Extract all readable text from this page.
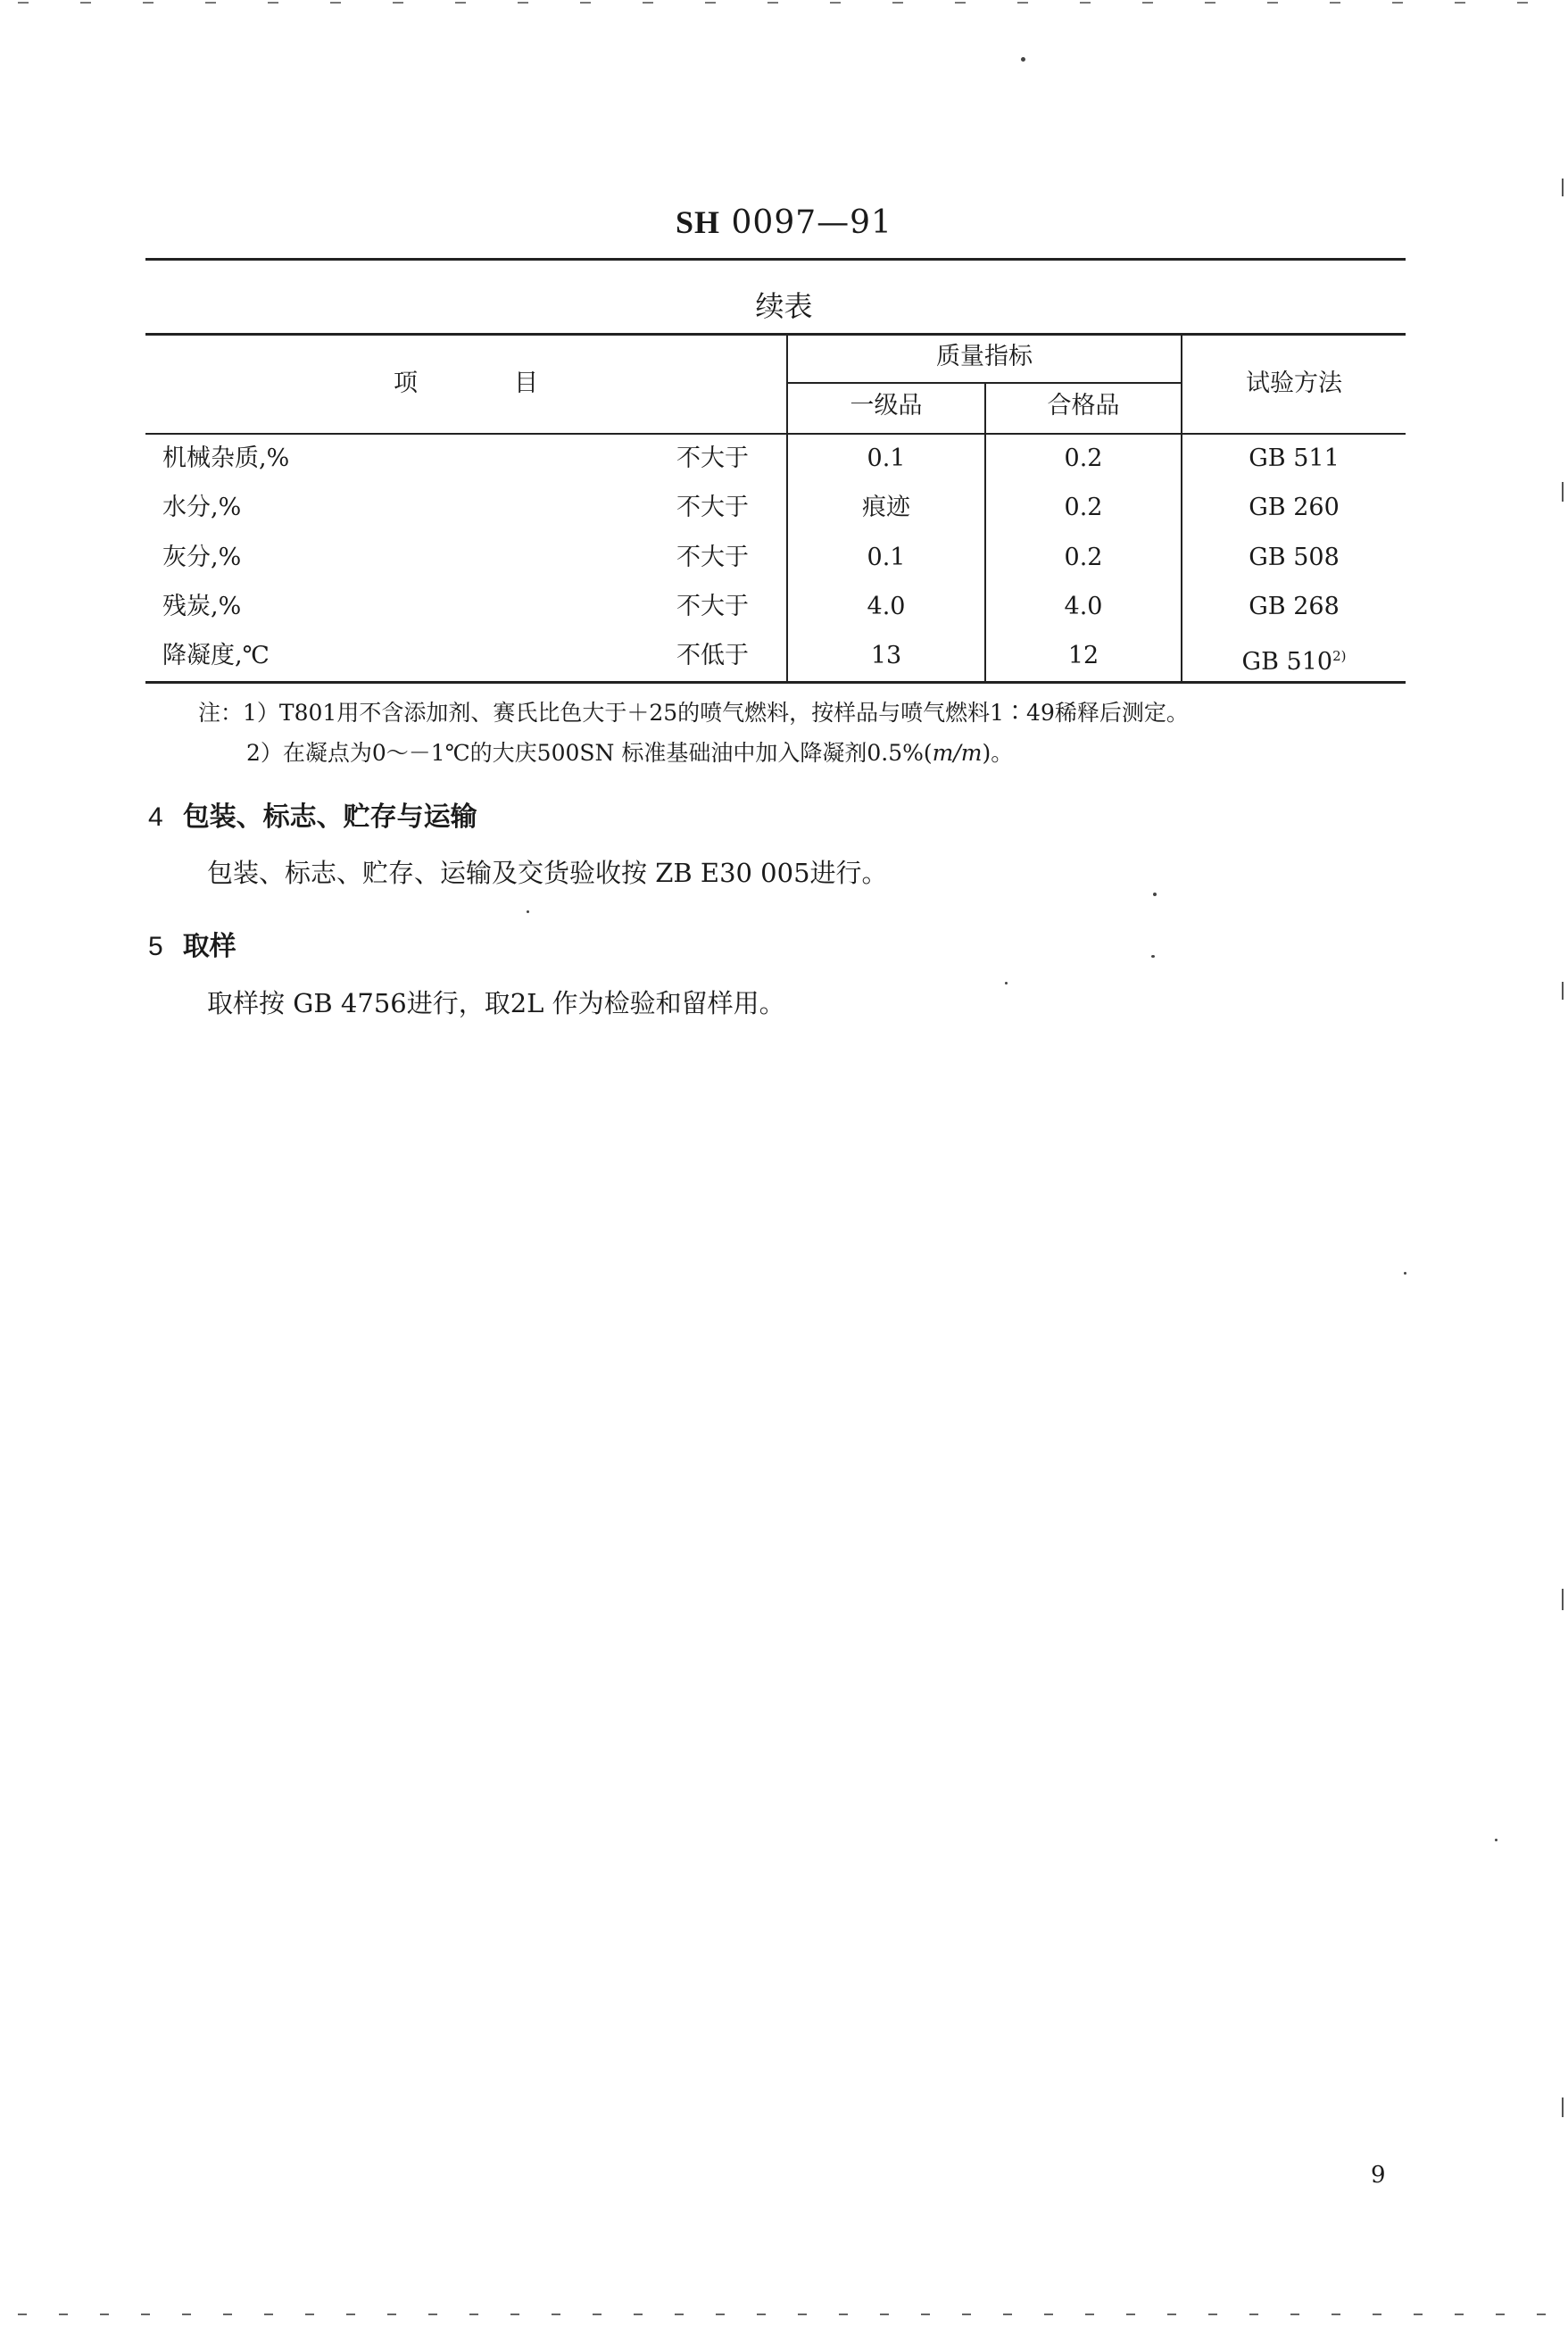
SH 0097—91
续表
项　　　　目
质量指标
一级品	合格品
试验方法
机械杂质,%	不大于	0.1	0.2	GB 511
水分,%	不大于	痕迹	0.2	GB 260
灰分,%	不大于	0.1	0.2	GB 508
残炭,%	不大于	4.0	4.0	GB 268
降凝度,℃	不低于	13	12	GB 510$^{2)}$
注：1）T801用不含添加剂、赛氏比色大于＋25的喷气燃料，按样品与喷气燃料1∶49稀释后测定。
2）在凝点为0～－1℃的大庆500SN 标准基础油中加入降凝剂0.5%(m/m)。
4 包装、标志、贮存与运输
包装、标志、贮存、运输及交货验收按 ZB E30 005进行。
5 取样
取样按 GB 4756进行，取2L 作为检验和留样用。
9
